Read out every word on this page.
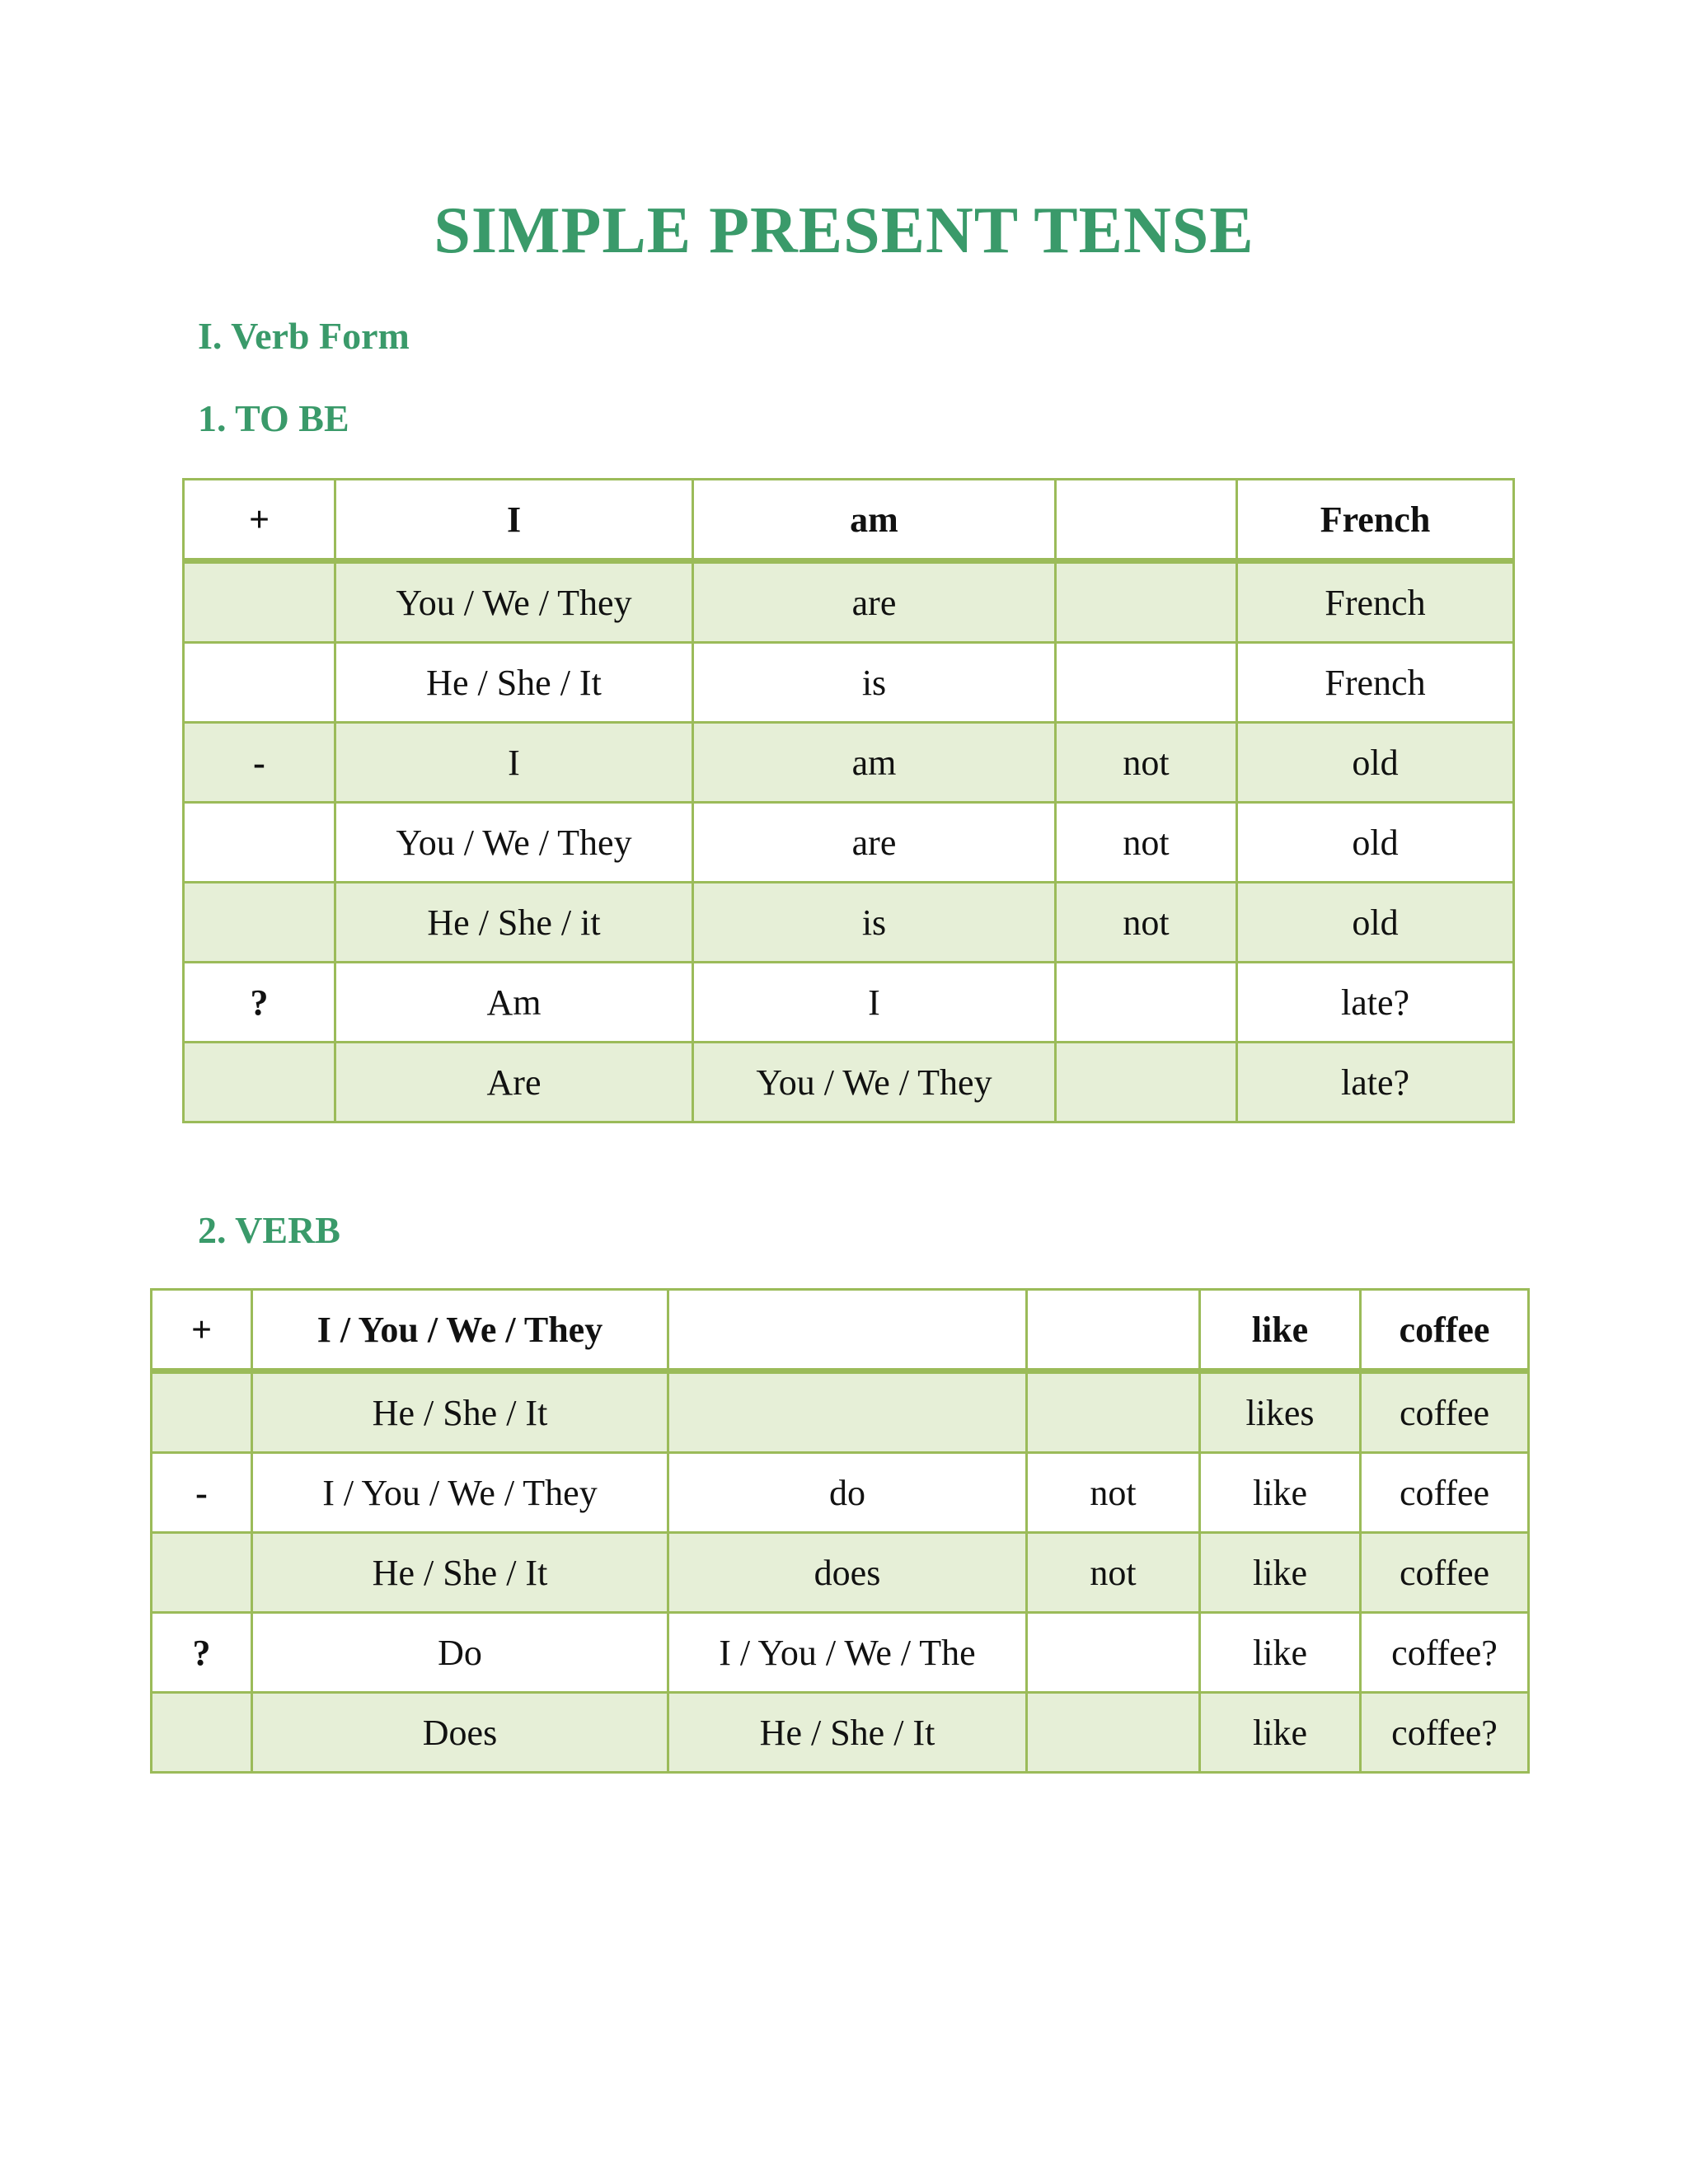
SIMPLE PRESENT TENSE
I. Verb Form
1. TO BE
+	I	am		French
	You / We / They	are		French
	He / She / It	is		French
-	I	am	not	old
	You / We / They	are	not	old
	He / She / it	is	not	old
?	Am	I		late?
	Are	You / We / They		late?
2. VERB
+	I / You / We / They			like	coffee
	He / She / It			likes	coffee
-	I / You / We / They	do	not	like	coffee
	He / She / It	does	not	like	coffee
?	Do	I / You / We / The		like	coffee?
	Does	He / She / It		like	coffee?
